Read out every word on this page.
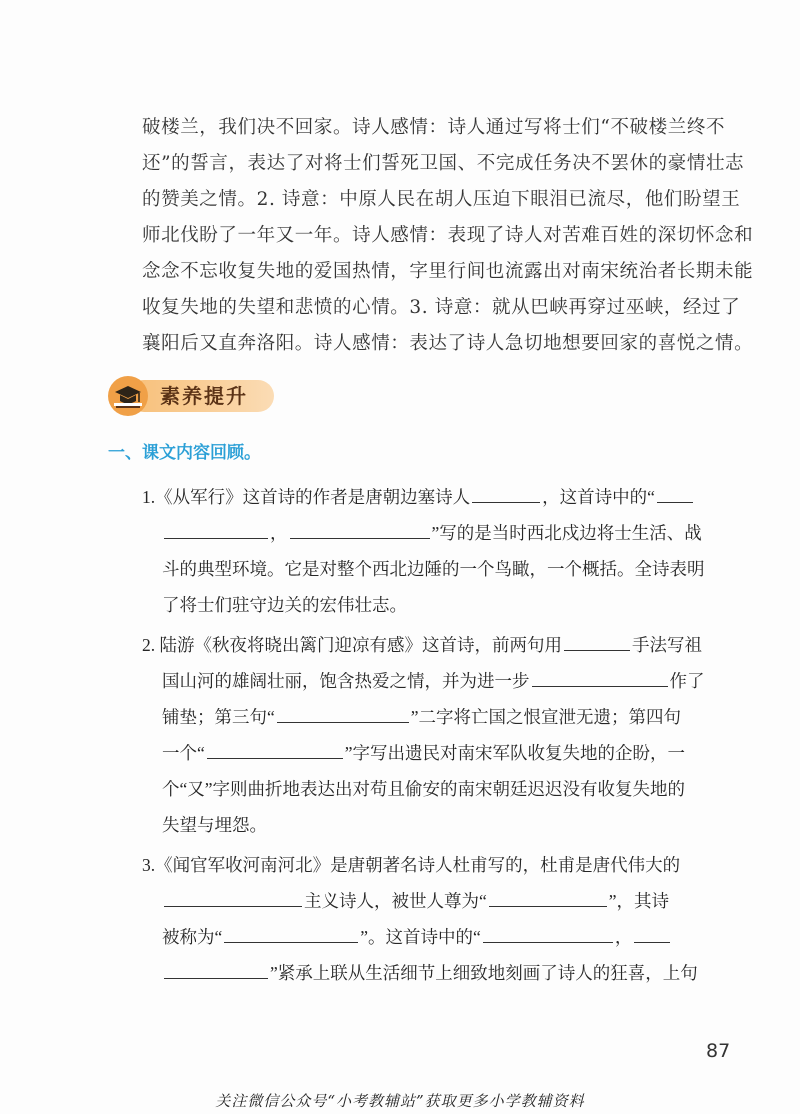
破楼兰，我们决不回家。诗人感情：诗人通过写将士们“不破楼兰终不
还”的誓言，表达了对将士们誓死卫国、不完成任务决不罢休的豪情壮志
的赞美之情。2. 诗意：中原人民在胡人压迫下眼泪已流尽，他们盼望王
师北伐盼了一年又一年。诗人感情：表现了诗人对苦难百姓的深切怀念和
念念不忘收复失地的爱国热情，字里行间也流露出对南宋统治者长期未能
收复失地的失望和悲愤的心情。3. 诗意：就从巴峡再穿过巫峡，经过了
襄阳后又直奔洛阳。诗人感情：表达了诗人急切地想要回家的喜悦之情。
素养提升
一、课文内容回顾。
1.《从军行》这首诗的作者是唐朝边塞诗人	，这首诗中的“
，	”写的是当时西北戍边将士生活、战
斗的典型环境。它是对整个西北边陲的一个鸟瞰，一个概括。全诗表明
了将士们驻守边关的宏伟壮志。
2. 陆游《秋夜将晓出篱门迎凉有感》这首诗，前两句用	手法写祖
国山河的雄阔壮丽，饱含热爱之情，并为进一步	作了
铺垫；第三句“	”二字将亡国之恨宣泄无遗；第四句
一个“	”字写出遗民对南宋军队收复失地的企盼，一
个“又”字则曲折地表达出对苟且偷安的南宋朝廷迟迟没有收复失地的
失望与埋怨。
3.《闻官军收河南河北》是唐朝著名诗人杜甫写的，杜甫是唐代伟大的
主义诗人，被世人尊为“	”，其诗
被称为“	”。这首诗中的“	，
”紧承上联从生活细节上细致地刻画了诗人的狂喜，上句
87
关注微信公众号“小考教辅站”获取更多小学教辅资料
